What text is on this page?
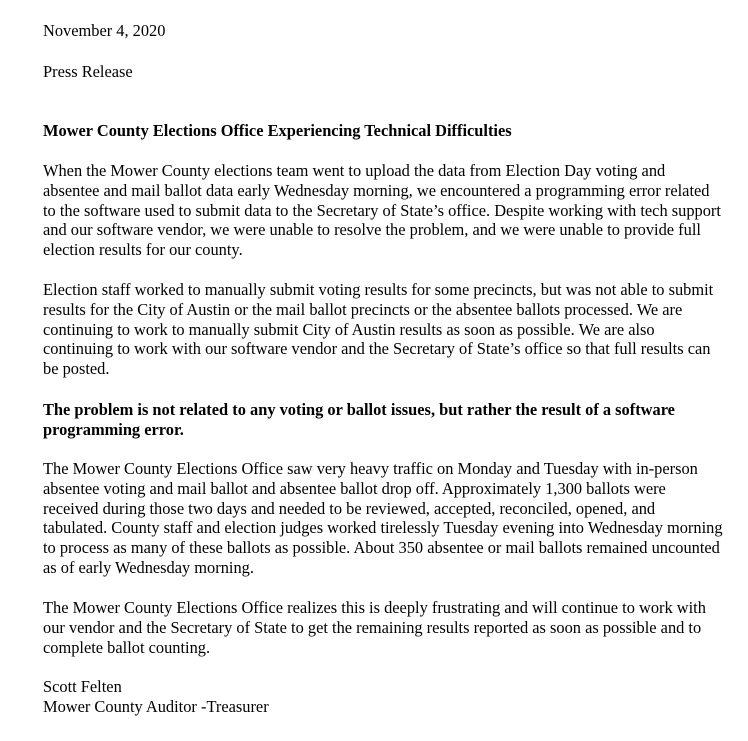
November 4, 2020

Press Release

Mower County Elections Office Experiencing Technical Difficulties

When the Mower County elections team went to upload the data from Election Day voting and absentee and mail ballot data early Wednesday morning, we encountered a programming error related to the software used to submit data to the Secretary of State’s office. Despite working with tech support and our software vendor, we were unable to resolve the problem, and we were unable to provide full election results for our county.

Election staff worked to manually submit voting results for some precincts, but was not able to submit results for the City of Austin or the mail ballot precincts or the absentee ballots processed. We are continuing to work to manually submit City of Austin results as soon as possible. We are also continuing to work with our software vendor and the Secretary of State’s office so that full results can be posted.

The problem is not related to any voting or ballot issues, but rather the result of a software programming error.

The Mower County Elections Office saw very heavy traffic on Monday and Tuesday with in-person absentee voting and mail ballot and absentee ballot drop off. Approximately 1,300 ballots were received during those two days and needed to be reviewed, accepted, reconciled, opened, and tabulated. County staff and election judges worked tirelessly Tuesday evening into Wednesday morning to process as many of these ballots as possible. About 350 absentee or mail ballots remained uncounted as of early Wednesday morning.

The Mower County Elections Office realizes this is deeply frustrating and will continue to work with our vendor and the Secretary of State to get the remaining results reported as soon as possible and to complete ballot counting.

Scott Felten

Mower County Auditor -Treasurer
